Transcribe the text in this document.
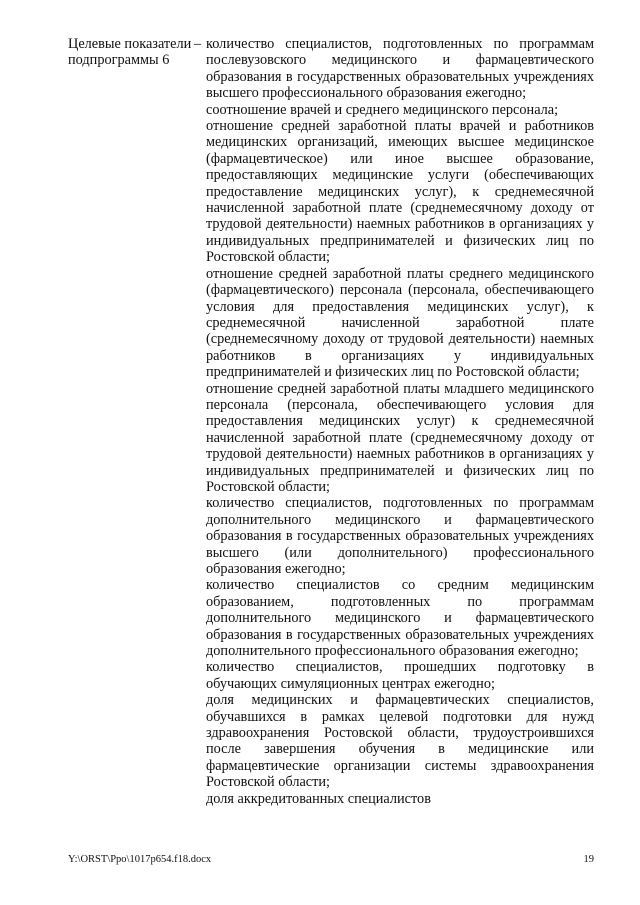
Целевые показатели подпрограммы 6
– количество специалистов, подготовленных по программам послевузовского медицинского и фармацевтического образования в государственных образовательных учреждениях высшего профессионального образования ежегодно;
соотношение врачей и среднего медицинского персонала;
отношение средней заработной платы врачей и работников медицинских организаций, имеющих высшее медицинское (фармацевтическое) или иное высшее образование, предоставляющих медицинские услуги (обеспечивающих предоставление медицинских услуг), к среднемесячной начисленной заработной плате (среднемесячному доходу от трудовой деятельности) наемных работников в организациях у индивидуальных предпринимателей и физических лиц по Ростовской области;
отношение средней заработной платы среднего медицинского (фармацевтического) персонала (персонала, обеспечивающего условия для предоставления медицинских услуг), к среднемесячной начисленной заработной плате (среднемесячному доходу от трудовой деятельности) наемных работников в организациях у индивидуальных предпринимателей и физических лиц по Ростовской области;
отношение средней заработной платы младшего медицинского персонала (персонала, обеспечивающего условия для предоставления медицинских услуг) к среднемесячной начисленной заработной плате (среднемесячному доходу от трудовой деятельности) наемных работников в организациях у индивидуальных предпринимателей и физических лиц по Ростовской области;
количество специалистов, подготовленных по программам дополнительного медицинского и фармацевтического образования в государственных образовательных учреждениях высшего (или дополнительного) профессионального образования ежегодно;
количество специалистов со средним медицинским образованием, подготовленных по программам дополнительного медицинского и фармацевтического образования в государственных образовательных учреждениях дополнительного профессионального образования ежегодно;
количество специалистов, прошедших подготовку в обучающих симуляционных центрах ежегодно;
доля медицинских и фармацевтических специалистов, обучавшихся в рамках целевой подготовки для нужд здравоохранения Ростовской области, трудоустроившихся после завершения обучения в медицинские или фармацевтические организации системы здравоохранения Ростовской области;
доля аккредитованных специалистов
Y:\ORST\Ppo\1017p654.f18.docx	19
